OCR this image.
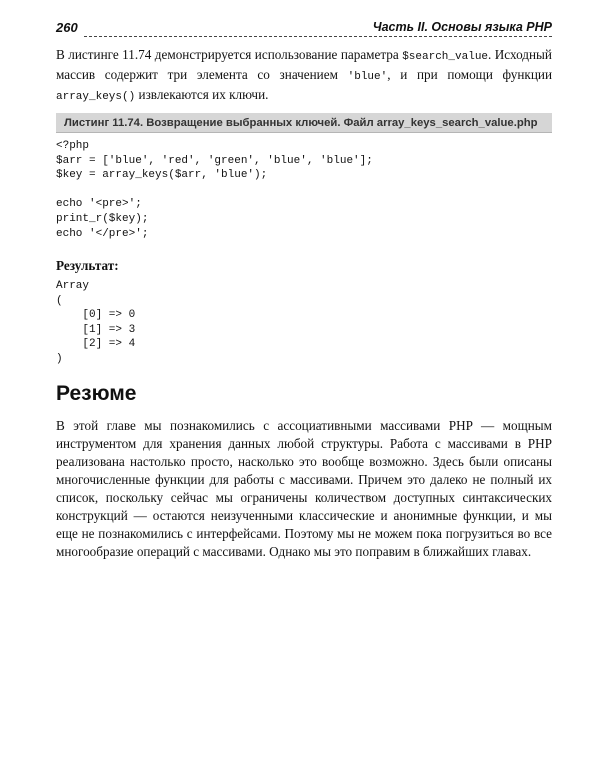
260	Часть II. Основы языка PHP

В листинге 11.74 демонстрируется использование параметра $search_value. Исходный массив содержит три элемента со значением 'blue', и при помощи функции array_keys() извлекаются их ключи.

Листинг 11.74. Возвращение выбранных ключей. Файл array_keys_search_value.php
<?php
$arr = ['blue', 'red', 'green', 'blue', 'blue'];
$key = array_keys($arr, 'blue');

echo '<pre>';
print_r($key);
echo '</pre>';
Результат:
Array
(
[0] => 0
[1] => 3
[2] => 4
)
Резюме

В этой главе мы познакомились с ассоциативными массивами PHP — мощным инструментом для хранения данных любой структуры. Работа с массивами в PHP реализована настолько просто, насколько это вообще возможно. Здесь были описаны многочисленные функции для работы с массивами. Причем это далеко не полный их список, поскольку сейчас мы ограничены количеством доступных синтаксических конструкций — остаются неизученными классические и анонимные функции, и мы еще не познакомились с интерфейсами. Поэтому мы не можем пока погрузиться во все многообразие операций с массивами. Однако мы это поправим в ближайших главах.
